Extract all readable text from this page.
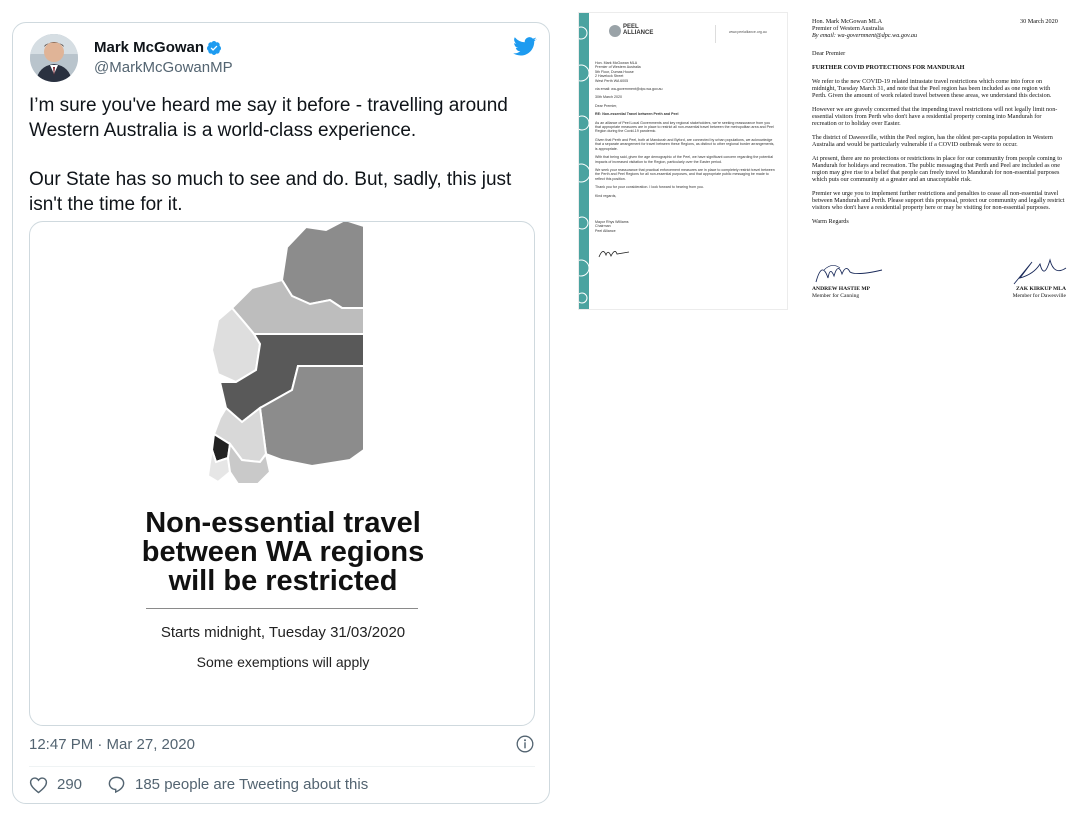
Mark McGowan
@MarkMcGowanMP

I’m sure you've heard me say it before - travelling around Western Australia is a world-class experience.

Our State has so much to see and do. But, sadly, this just isn't the time for it.

Non-essential travel
between WA regions
will be restricted
Starts midnight, Tuesday 31/03/2020
Some exemptions will apply
12:47 PM · Mar 27, 2020
290	185 people are Tweeting about this
PEEL
ALLIANCE	www.peelalliance.org.au
Hon. Mark McGowan MLA
Premier of Western Australia
5th Floor, Dumas House
2 Havelock Street
West Perth WA 6005
via email: wa-government@dpc.wa.gov.au
30th March 2020
Dear Premier,
RE: Non-essential Travel between Perth and Peel
As an alliance of Peel Local Governments and key regional stakeholders, we're seeking reassurance from you that appropriate measures are in place to restrict all non-essential travel between the metropolitan area and Peel Region during the Covid-19 pandemic.
Given that Perth and Peel, both at Mandurah and Byford, are connected by urban populations, we acknowledge that a separate arrangement for travel between these Regions, as distinct to other regional border arrangements, is appropriate.
With that being said, given the age demographic of the Peel, we have significant concern regarding the potential impacts of increased visitation to the Region, particularly over the Easter period.
We seek your reassurance that practical enforcement measures are in place to completely restrict travel between the Perth and Peel Regions for all non-essential purposes, and that appropriate public messaging be made to reflect this position.
Thank you for your consideration. I look forward to hearing from you.
Kind regards,
Mayor Rhys Williams
Chairman
Peel Alliance
Hon. Mark McGowan MLA
Premier of Western Australia
By email: wa-government@dpc.wa.gov.au
30 March 2020
Dear Premier
FURTHER COVID PROTECTIONS FOR MANDURAH
We refer to the new COVID-19 related intrastate travel restrictions which come into force on midnight, Tuesday March 31, and note that the Peel region has been included as one region with Perth. Given the amount of work related travel between these areas, we understand this decision.
However we are gravely concerned that the impending travel restrictions will not legally limit non-essential visitors from Perth who don't have a residential property coming into Mandurah for recreation or to holiday over Easter.
The district of Dawesville, within the Peel region, has the oldest per-capita population in Western Australia and would be particularly vulnerable if a COVID outbreak were to occur.
At present, there are no protections or restrictions in place for our community from people coming to Mandurah for holidays and recreation. The public messaging that Perth and Peel are included as one region may give rise to a belief that people can freely travel to Mandurah for non-essential purposes which puts our community at a greater and an unacceptable risk.
Premier we urge you to implement further restrictions and penalties to cease all non-essential travel between Mandurah and Perth. Please support this proposal, protect our community and legally restrict visitors who don't have a residential property here or may be visiting for non-essential purposes.
Warm Regards
ANDREW HASTIE MP
Member for Canning
ZAK KIRKUP MLA
Member for Dawesville
